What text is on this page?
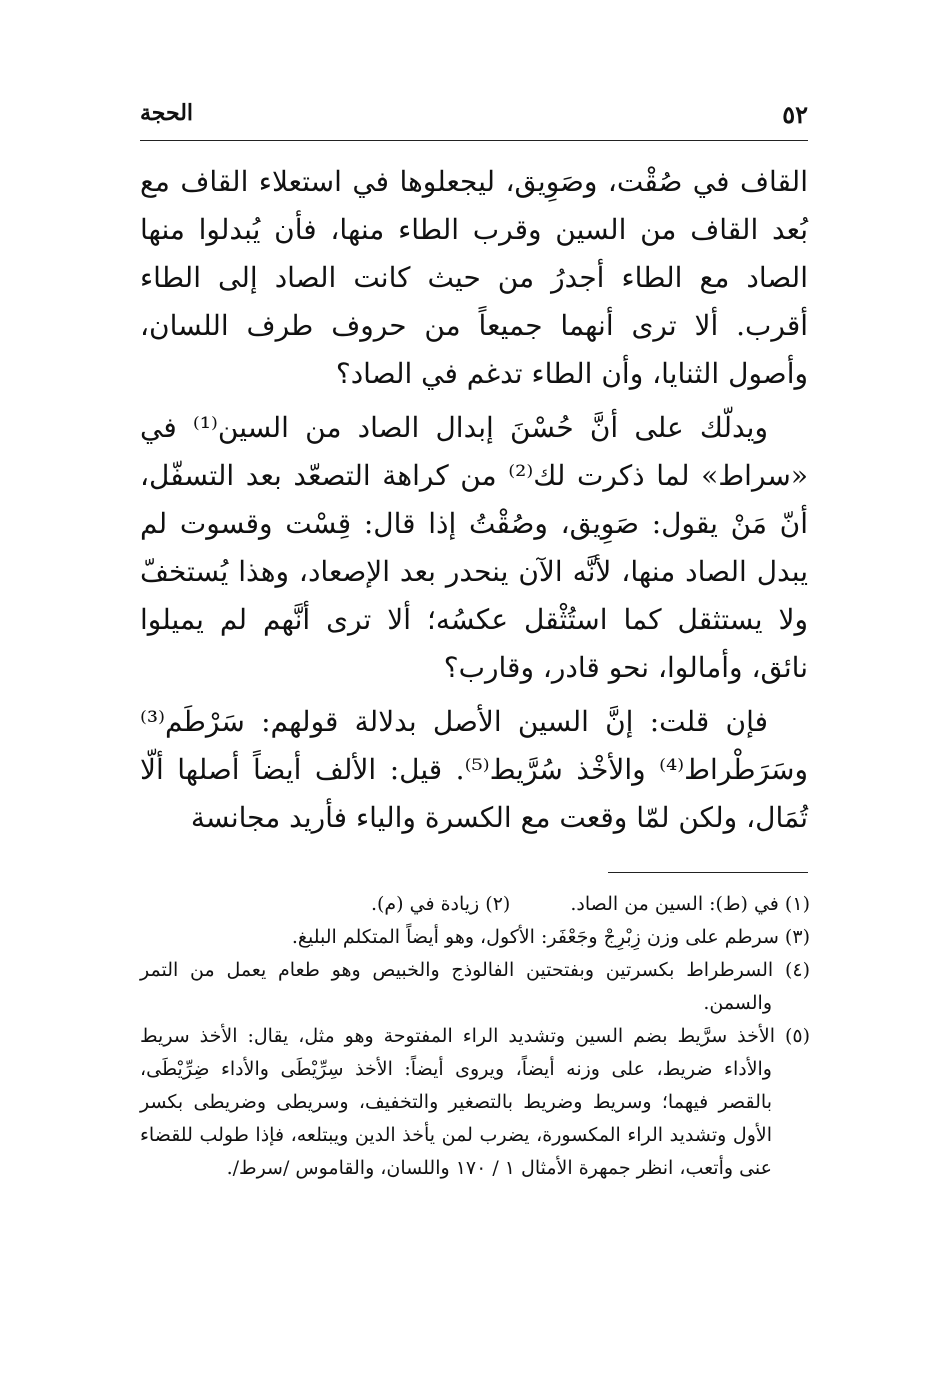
٥٢
الحجة

القاف في صُقْت، وصَوِيق، ليجعلوها في استعلاء القاف مع بُعد القاف من السين وقرب الطاء منها، فأن يُبدلوا منها الصاد مع الطاء أجدرُ من حيث كانت الصاد إلى الطاء أقرب. ألا ترى أنهما جميعاً من حروف طرف اللسان، وأصول الثنايا، وأن الطاء تدغم في الصاد؟

ويدلّك على أنَّ حُسْنَ إبدال الصاد من السين⁽¹⁾ في «سراط» لما ذكرت لك⁽²⁾ من كراهة التصعّد بعد التسفّل، أنّ مَنْ يقول: صَوِيق، وصُقْتُ إذا قال: قِسْت وقسوت لم يبدل الصاد منها، لأنَّه الآن ينحدر بعد الإصعاد، وهذا يُستخفّ ولا يستثقل كما استُثْقل عكسُه؛ ألا ترى أنَّهم لم يميلوا نائق، وأمالوا، نحو قادر، وقارب؟

فإن قلت: إنَّ السين الأصل بدلالة قولهم: سَرْطَم⁽³⁾ وسَرَطْراط⁽⁴⁾ والأخْذ سُرَّيط⁽⁵⁾. قيل: الألف أيضاً أصلها ألّا تُمَال، ولكن لمّا وقعت مع الكسرة والياء فأريد مجانسة

(١) في (ط): السين من الصاد.
(٢) زيادة في (م).

(٣) سرطم على وزن زِبْرِجْ وجَعْفَر: الأكول، وهو أيضاً المتكلم البليغ.

(٤) السرطراط بكسرتين وبفتحتين الفالوذج والخبيص وهو طعام يعمل من التمر والسمن.

(٥) الأخذ سرَّيط بضم السين وتشديد الراء المفتوحة وهو مثل، يقال: الأخذ سريط والأداء ضريط، على وزنه أيضاً، ويروى أيضاً: الأخذ سِرِّيْطَى والأداء ضِرِّيْطَى، بالقصر فيهما؛ وسريط وضريط بالتصغير والتخفيف، وسريطى وضريطى بكسر الأول وتشديد الراء المكسورة، يضرب لمن يأخذ الدين ويبتلعه، فإذا طولب للقضاء عنى وأتعب، انظر جمهرة الأمثال ١ / ١٧٠ واللسان، والقاموس /سرط/.
